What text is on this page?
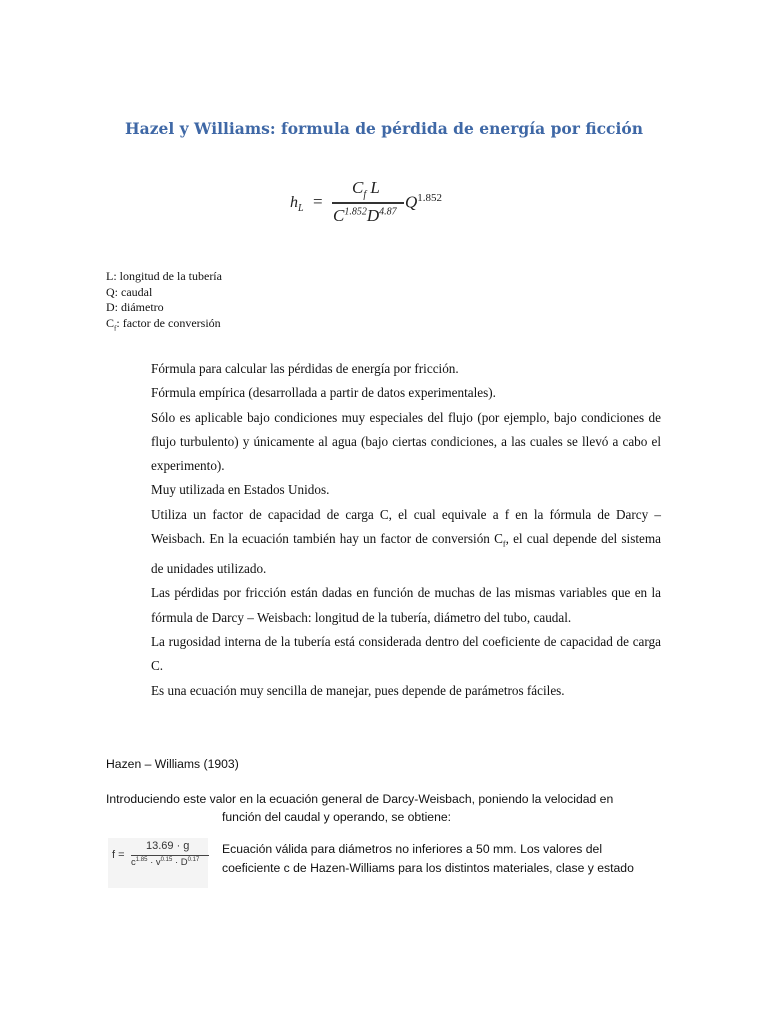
Hazel y Williams: formula de pérdida de energía por ficción
$h_L$ =
$C_f$ L
$C^{1.852}D^{4.87}$
$Q^{1.852}$
L: longitud de la tubería
Q: caudal
D: diámetro
$C_f$: factor de conversión

Fórmula para calcular las pérdidas de energía por fricción.

Fórmula empírica (desarrollada a partir de datos experimentales).

Sólo es aplicable bajo condiciones muy especiales del flujo (por ejemplo, bajo condiciones de flujo turbulento) y únicamente al agua (bajo ciertas condiciones, a las cuales se llevó a cabo el experimento).

Muy utilizada en Estados Unidos.

Utiliza un factor de capacidad de carga C, el cual equivale a f en la fórmula de Darcy – Weisbach. En la ecuación también hay un factor de conversión $C_f$, el cual depende del sistema de unidades utilizado.

Las pérdidas por fricción están dadas en función de muchas de las mismas variables que en la fórmula de Darcy – Weisbach: longitud de la tubería, diámetro del tubo, caudal.

La rugosidad interna de la tubería está considerada dentro del coeficiente de capacidad de carga C.

Es una ecuación muy sencilla de manejar, pues depende de parámetros fáciles.

Hazen – Williams (1903)
Introduciendo este valor en la ecuación general de Darcy-Weisbach, poniendo la velocidad en
función del caudal y operando, se obtiene:
f =
13.69 · g
$c^{1.85} \cdot v^{0.15} \cdot D^{0.17}$
Ecuación válida para diámetros no inferiores a 50 mm. Los valores del
coeficiente c de Hazen-Williams para los distintos materiales, clase y estado
